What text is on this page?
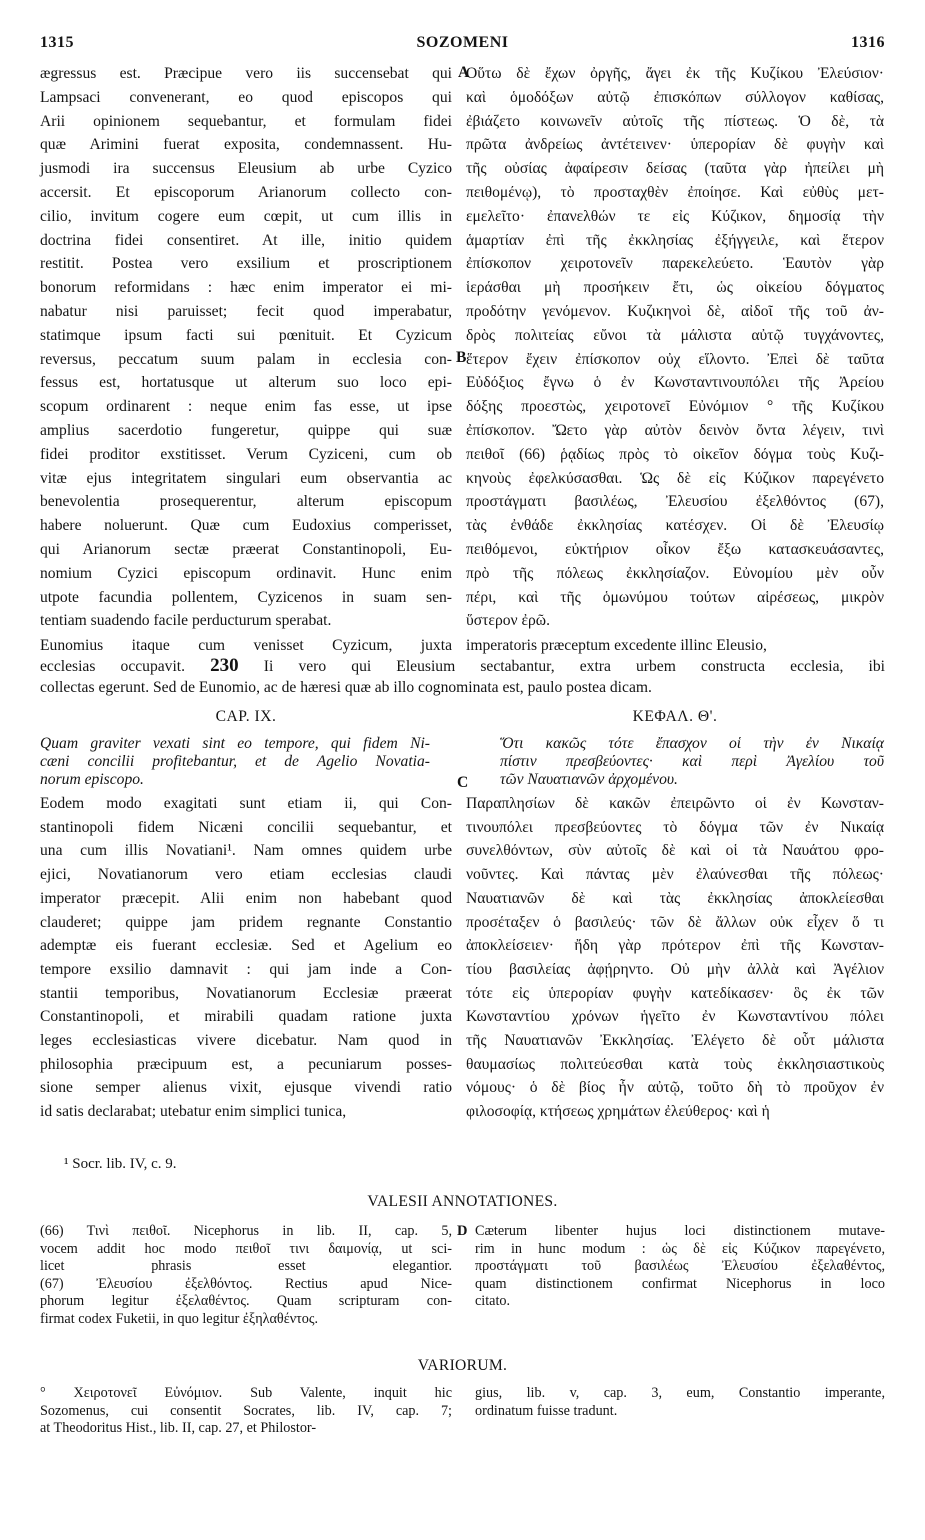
1315	SOZOMENI	1316
ægressus est. Præcipue vero iis succensebat qui
Lampsaci convenerant, eo quod episcopos qui
Arii opinionem sequebantur, et formulam fidei
quæ Arimini fuerat exposita, condemnassent. Hu-
jusmodi ira succensus Eleusium ab urbe Cyzico
accersit. Et episcoporum Arianorum collecto con-
cilio, invitum cogere eum cœpit, ut cum illis in
doctrina fidei consentiret. At ille, initio quidem
restitit. Postea vero exsilium et proscriptionem
bonorum reformidans : hæc enim imperator ei mi-
nabatur nisi paruisset; fecit quod imperabatur,
statimque ipsum facti sui pœnituit. Et Cyzicum
reversus, peccatum suum palam in ecclesia con-
fessus est, hortatusque ut alterum suo loco epi-
scopum ordinarent : neque enim fas esse, ut ipse
amplius sacerdotio fungeretur, quippe qui suæ
fidei proditor exstitisset. Verum Cyziceni, cum ob
vitæ ejus integritatem singulari eum observantia ac
benevolentia prosequerentur, alterum episcopum
habere noluerunt. Quæ cum Eudoxius comperisset,
qui Arianorum sectæ præerat Constantinopoli, Eu-
nomium Cyzici episcopum ordinavit. Hunc enim
utpote facundia pollentem, Cyzicenos in suam sen-
tentiam suadendo facile perducturum sperabat.
Οὕτω δὲ ἔχων ὀργῆς, ἄγει ἐκ τῆς Κυζίκου Ἐλεύσιον·
καὶ ὁμοδόξων αὐτῷ ἐπισκόπων σύλλογον καθίσας,
ἐβιάζετο κοινωνεῖν αὐτοῖς τῆς πίστεως. Ὁ δὲ, τὰ
πρῶτα ἀνδρείως ἀντέτεινεν· ὑπερορίαν δὲ φυγὴν καὶ
τῆς οὐσίας ἀφαίρεσιν δείσας (ταῦτα γὰρ ἠπείλει μὴ
πειθομένῳ), τὸ προσταχθὲν ἐποίησε. Καὶ εὐθὺς μετ-
εμελεῖτο· ἐπανελθών τε εἰς Κύζικον, δημοσίᾳ τὴν
ἁμαρτίαν ἐπὶ τῆς ἐκκλησίας ἐξήγγειλε, καὶ ἕτερον
ἐπίσκοπον χειροτονεῖν παρεκελεύετο. Ἑαυτὸν γὰρ
ἱεράσθαι μὴ προσήκειν ἔτι, ὡς οἰκείου δόγματος
προδότην γενόμενον. Κυζικηνοὶ δὲ, αἰδοῖ τῆς τοῦ ἀν-
δρὸς πολιτείας εὔνοι τὰ μάλιστα αὐτῷ τυγχάνοντες,
ἕτερον ἔχειν ἐπίσκοπον οὐχ εἵλοντο. Ἐπεὶ δὲ ταῦτα
Εὐδόξιος ἔγνω ὁ ἐν Κωνσταντινουπόλει τῆς Ἀρείου
δόξης προεστὼς, χειροτονεῖ Εὐνόμιον ° τῆς Κυζίκου
ἐπίσκοπον. Ὤετο γὰρ αὐτὸν δεινὸν ὄντα λέγειν, τινὶ
πειθοῖ (66) ῥᾳδίως πρὸς τὸ οἰκεῖον δόγμα τοὺς Κυζι-
κηνοὺς ἐφελκύσασθαι. Ὡς δὲ εἰς Κύζικον παρεγένετο
προστάγματι βασιλέως, Ἐλευσίου ἐξελθόντος (67),
τὰς ἐνθάδε ἐκκλησίας κατέσχεν. Οἱ δὲ Ἐλευσίῳ
πειθόμενοι, εὐκτήριον οἶκον ἔξω κατασκευάσαντες,
πρὸ τῆς πόλεως ἐκκλησίαζον. Εὐνομίου μὲν οὖν
πέρι, καὶ τῆς ὁμωνύμου τούτων αἱρέσεως, μικρὸν
ὕστερον ἐρῶ.
A
B
Eunomius itaque cum venisset Cyzicum, juxta imperatoris præceptum excedente illinc Eleusio,
ecclesias occupavit. 230 Ii vero qui Eleusium sectabantur, extra urbem constructa ecclesia, ibi
collectas egerunt. Sed de Eunomio, ac de hæresi quæ ab illo cognominata est, paulo postea dicam.
CAP. IX.	ΚΕΦΑΛ. Θ'.
Quam graviter vexati sint eo tempore, qui fidem Ni-
cæni concilii profitebantur, et de Agelio Novatia-
norum episcopo.
Ὅτι κακῶς τότε ἔπασχον οἱ τὴν ἐν Νικαίᾳ
πίστιν πρεσβεύοντες· καὶ περὶ Ἀγελίου τοῦ
τῶν Ναυατιανῶν ἀρχομένου.
C
Eodem modo exagitati sunt etiam ii, qui Con-
stantinopoli fidem Nicæni concilii sequebantur, et
una cum illis Novatiani¹. Nam omnes quidem urbe
ejici, Novatianorum vero etiam ecclesias claudi
imperator præcepit. Alii enim non habebant quod
clauderet; quippe jam pridem regnante Constantio
ademptæ eis fuerant ecclesiæ. Sed et Agelium eo
tempore exsilio damnavit : qui jam inde a Con-
stantii temporibus, Novatianorum Ecclesiæ præerat
Constantinopoli, et mirabili quadam ratione juxta
leges ecclesiasticas vivere dicebatur. Nam quod in
philosophia præcipuum est, a pecuniarum posses-
sione semper alienus vixit, ejusque vivendi ratio
id satis declarabat; utebatur enim simplici tunica,
Παραπλησίων δὲ κακῶν ἐπειρῶντο οἱ ἐν Κωνσταν-
τινουπόλει πρεσβεύοντες τὸ δόγμα τῶν ἐν Νικαίᾳ
συνελθόντων, σὺν αὐτοῖς δὲ καὶ οἱ τὰ Ναυάτου φρο-
νοῦντες. Καὶ πάντας μὲν ἐλαύνεσθαι τῆς πόλεως·
Ναυατιανῶν δὲ καὶ τὰς ἐκκλησίας ἀποκλείεσθαι
προσέταξεν ὁ βασιλεύς· τῶν δὲ ἄλλων οὐκ εἶχεν ὅ τι
ἀποκλείσειεν· ἤδη γὰρ πρότερον ἐπὶ τῆς Κωνσταν-
τίου βασιλείας ἀφῄρηντο. Οὐ μὴν ἀλλὰ καὶ Ἀγέλιον
τότε εἰς ὑπερορίαν φυγὴν κατεδίκασεν· ὃς ἐκ τῶν
Κωνσταντίου χρόνων ἡγεῖτο ἐν Κωνσταντίνου πόλει
τῆς Ναυατιανῶν Ἐκκλησίας. Ἐλέγετο δὲ οὗτ μάλιστα
θαυμασίως πολιτεύεσθαι κατὰ τοὺς ἐκκλησιαστικοὺς
νόμους· ὁ δὲ βίος ἦν αὐτῷ, τοῦτο δὴ τὸ προῦχον ἐν
φιλοσοφίᾳ, κτήσεως χρημάτων ἐλεύθερος· καὶ ἡ
¹ Socr. lib. IV, c. 9.
VALESII ANNOTATIONES.
(66) Τινὶ πειθοῖ. Nicephorus in lib. II, cap. 5,
vocem addit hoc modo πειθοῖ τινι δαιμονίᾳ, ut sci-
licet phrasis esset elegantior.
(67) Ἐλευσίου ἐξελθόντος. Rectius apud Nice-
phorum legitur ἐξελαθέντος. Quam scripturam con-
firmat codex Fuketii, in quo legitur ἐξηλαθέντος.
Cæterum libenter hujus loci distinctionem mutave-
rim in hunc modum : ὡς δὲ εἰς Κύζικον παρεγένετο,
προστάγματι τοῦ βασιλέως Ἐλευσίου ἐξελαθέντος,
quam distinctionem confirmat Nicephorus in loco
citato.
D
VARIORUM.
° Χειροτονεῖ Εὐνόμιον. Sub Valente, inquit hic
Sozomenus, cui consentit Socrates, lib. IV, cap. 7;
at Theodoritus Hist., lib. II, cap. 27, et Philostor-
gius, lib. v, cap. 3, eum, Constantio imperante,
ordinatum fuisse tradunt.
